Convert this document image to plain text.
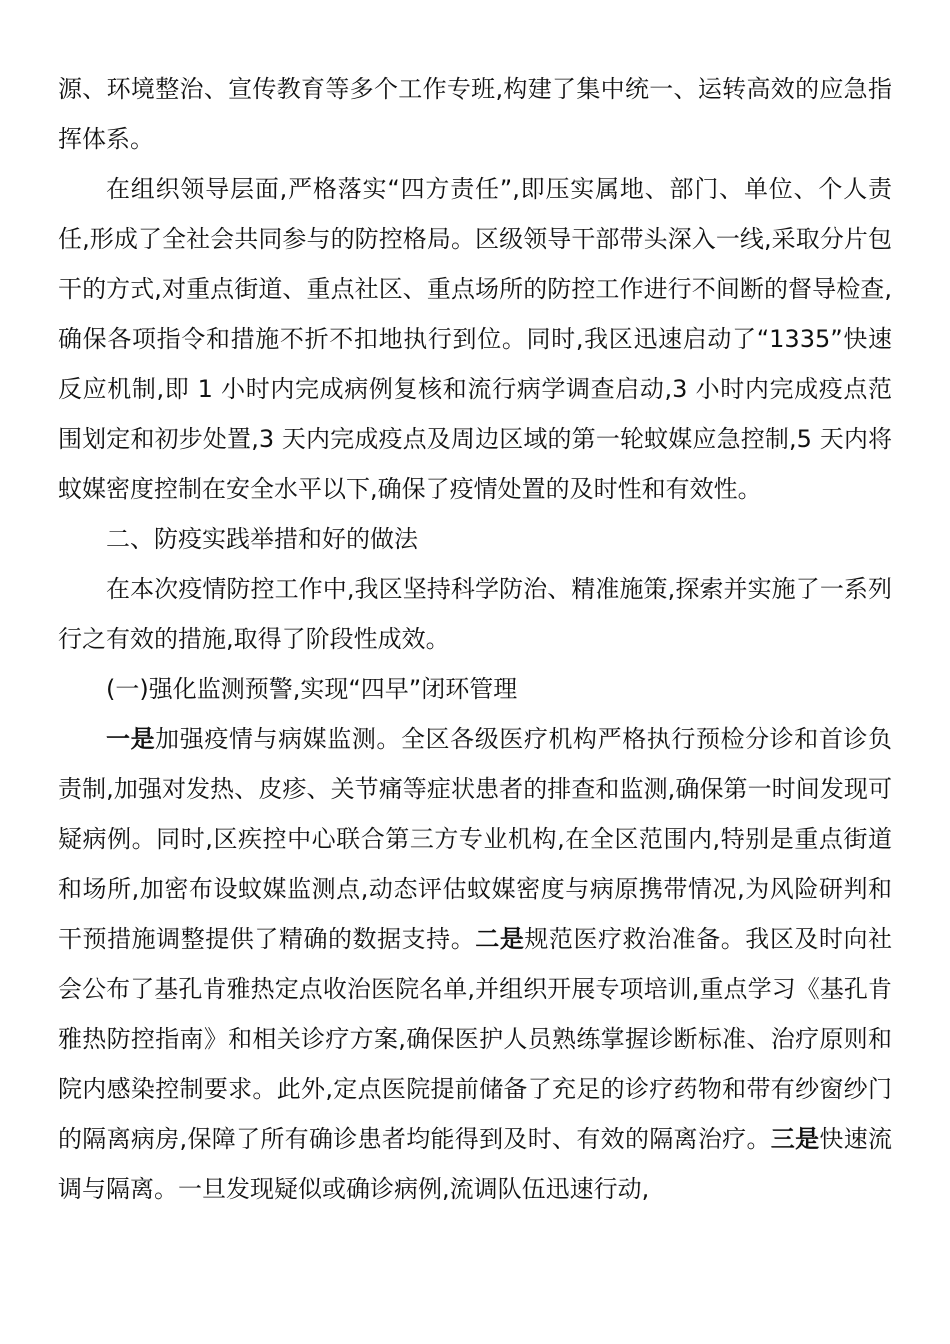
源、环境整治、宣传教育等多个工作专班,构建了集中统一、运转高效的应急指挥体系。

在组织领导层面,严格落实“四方责任”,即压实属地、部门、单位、个人责任,形成了全社会共同参与的防控格局。区级领导干部带头深入一线,采取分片包干的方式,对重点街道、重点社区、重点场所的防控工作进行不间断的督导检查,确保各项指令和措施不折不扣地执行到位。同时,我区迅速启动了“1335”快速反应机制,即 1 小时内完成病例复核和流行病学调查启动,3 小时内完成疫点范围划定和初步处置,3 天内完成疫点及周边区域的第一轮蚊媒应急控制,5 天内将蚊媒密度控制在安全水平以下,确保了疫情处置的及时性和有效性。

二、防疫实践举措和好的做法

在本次疫情防控工作中,我区坚持科学防治、精准施策,探索并实施了一系列行之有效的措施,取得了阶段性成效。

(一)强化监测预警,实现“四早”闭环管理

一是加强疫情与病媒监测。全区各级医疗机构严格执行预检分诊和首诊负责制,加强对发热、皮疹、关节痛等症状患者的排查和监测,确保第一时间发现可疑病例。同时,区疾控中心联合第三方专业机构,在全区范围内,特别是重点街道和场所,加密布设蚊媒监测点,动态评估蚊媒密度与病原携带情况,为风险研判和干预措施调整提供了精确的数据支持。二是规范医疗救治准备。我区及时向社会公布了基孔肯雅热定点收治医院名单,并组织开展专项培训,重点学习《基孔肯雅热防控指南》和相关诊疗方案,确保医护人员熟练掌握诊断标准、治疗原则和院内感染控制要求。此外,定点医院提前储备了充足的诊疗药物和带有纱窗纱门的隔离病房,保障了所有确诊患者均能得到及时、有效的隔离治疗。三是快速流调与隔离。一旦发现疑似或确诊病例,流调队伍迅速行动,
